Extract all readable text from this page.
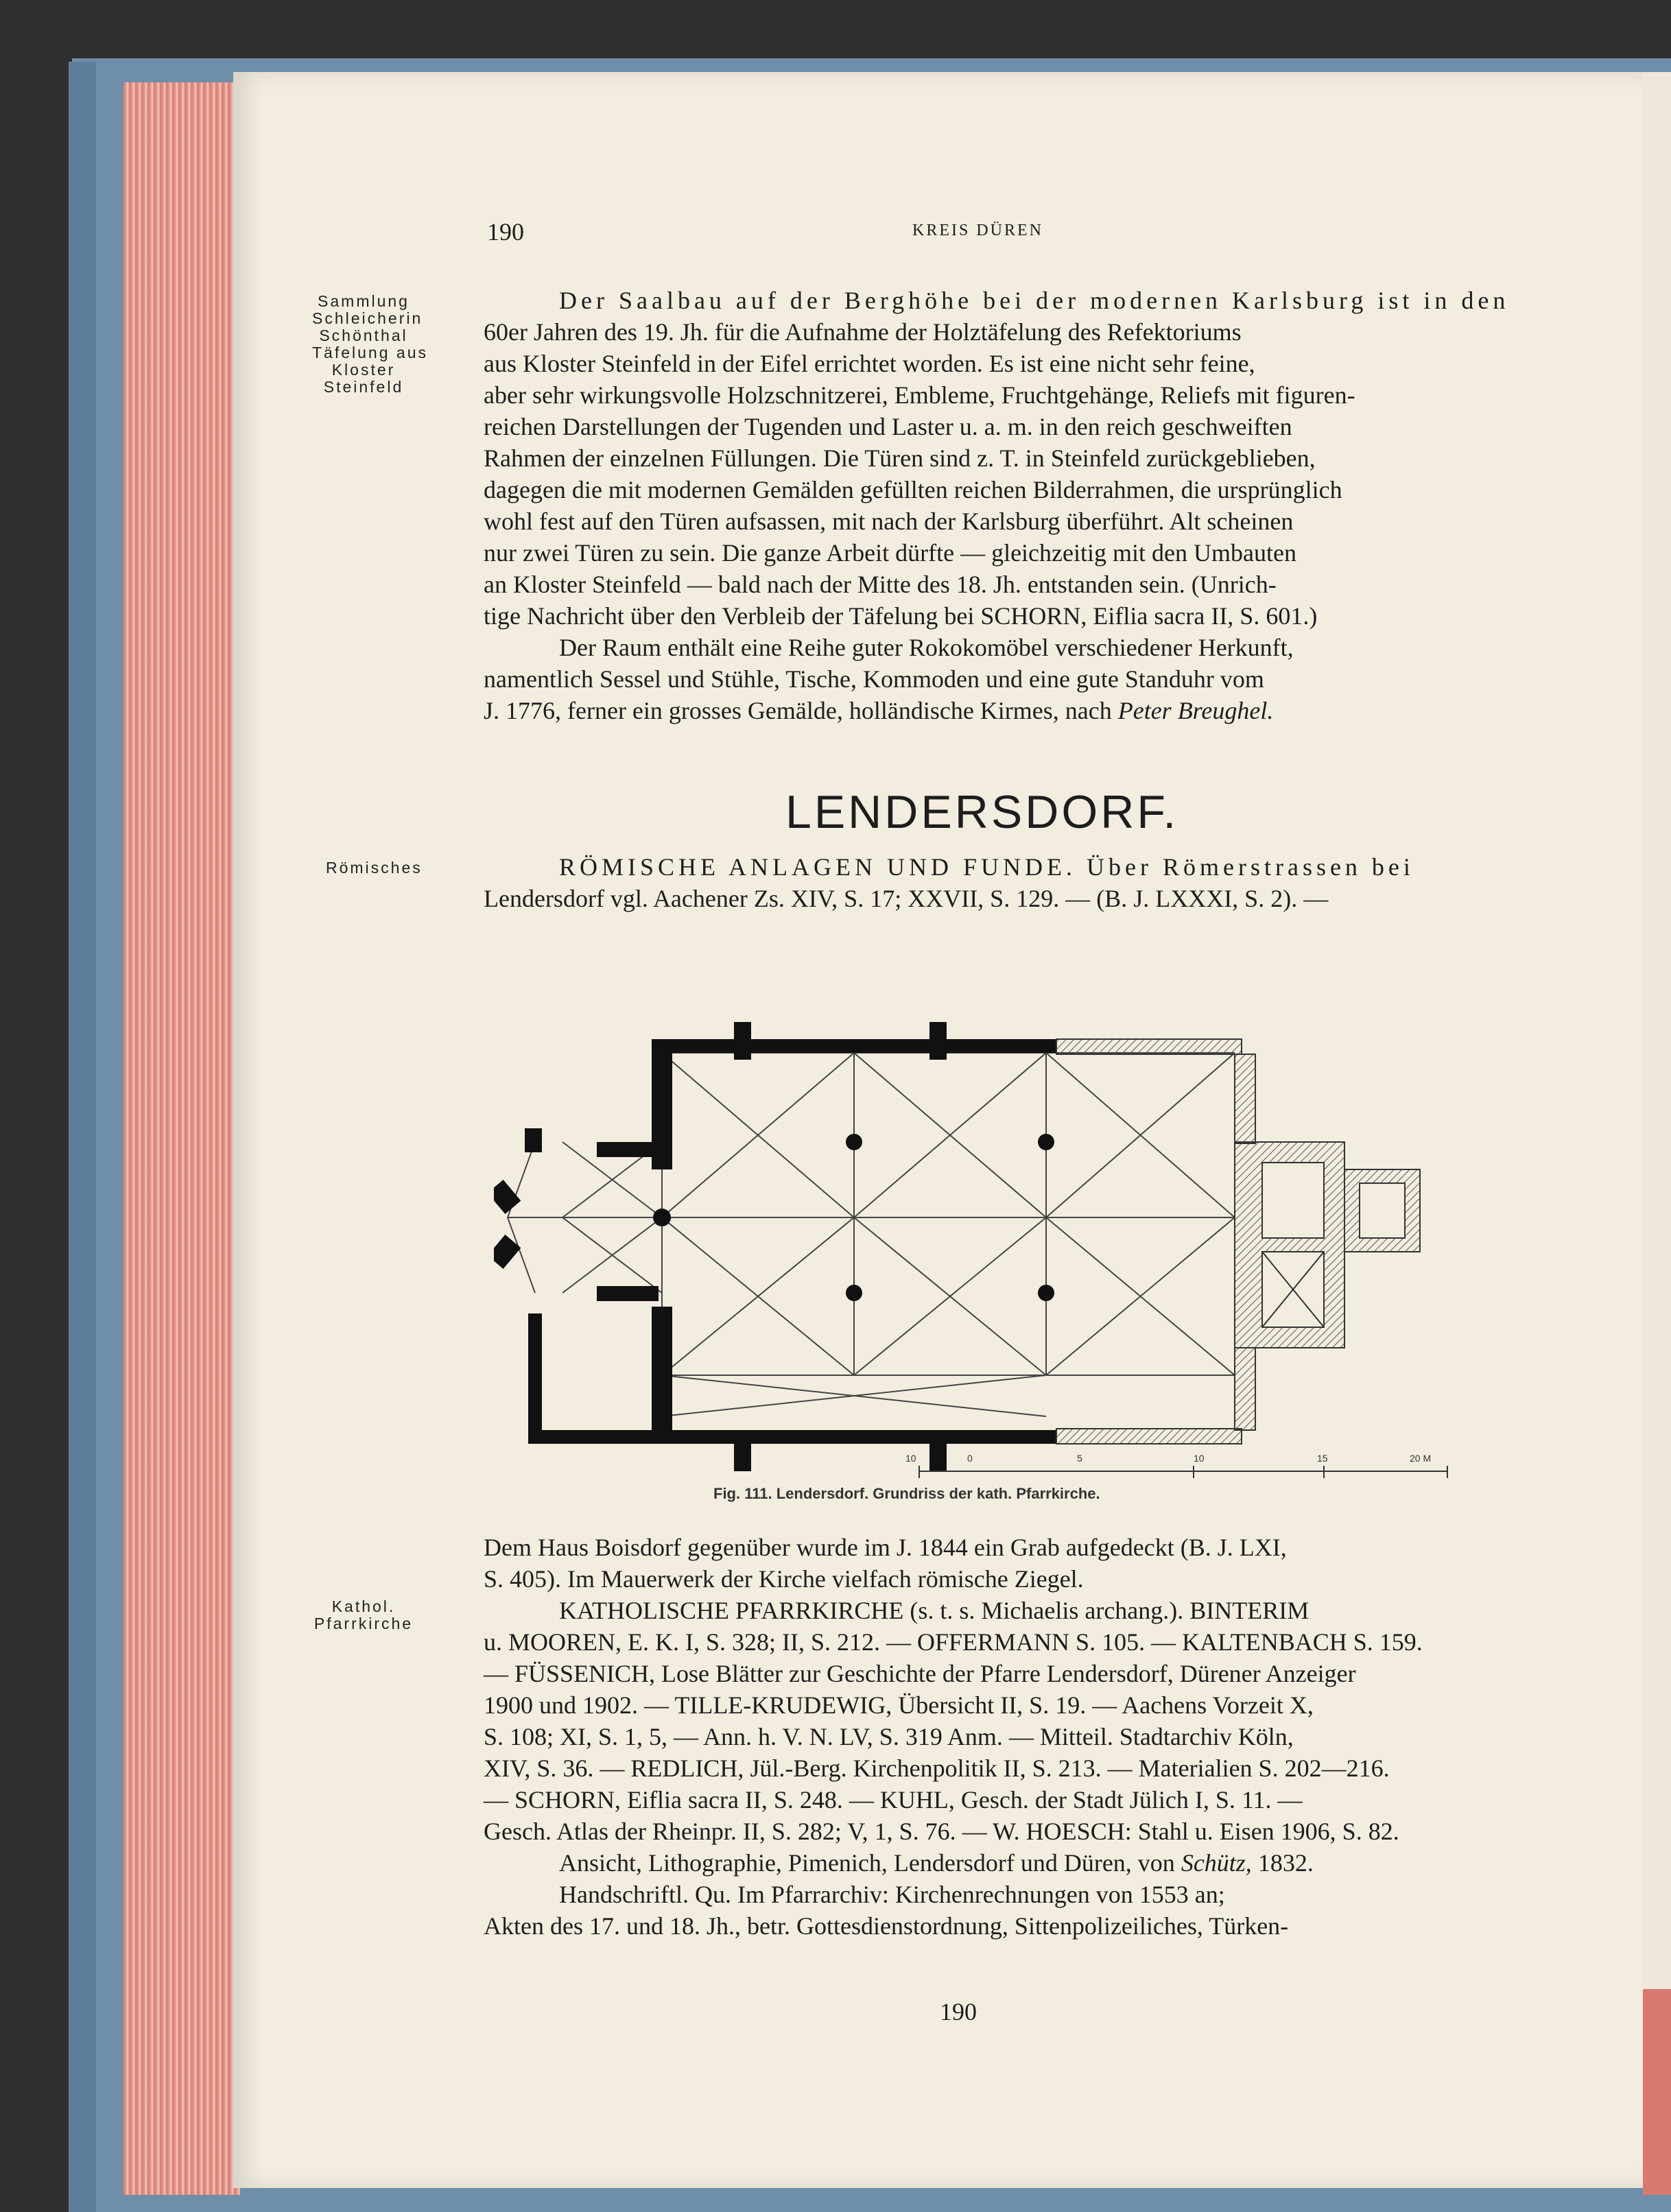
190	KREIS DÜREN
Sammlung
Schleicherin
Schönthal
Täfelung aus
Kloster
Steinfeld
Der Saalbau auf der Berghöhe bei der modernen Karlsburg ist in den
60er Jahren des 19. Jh. für die Aufnahme der Holztäfelung des Refektoriums
aus Kloster Steinfeld in der Eifel errichtet worden. Es ist eine nicht sehr feine,
aber sehr wirkungsvolle Holzschnitzerei, Embleme, Fruchtgehänge, Reliefs mit figuren-
reichen Darstellungen der Tugenden und Laster u. a. m. in den reich geschweiften
Rahmen der einzelnen Füllungen. Die Türen sind z. T. in Steinfeld zurückgeblieben,
dagegen die mit modernen Gemälden gefüllten reichen Bilderrahmen, die ursprünglich
wohl fest auf den Türen aufsassen, mit nach der Karlsburg überführt. Alt scheinen
nur zwei Türen zu sein. Die ganze Arbeit dürfte — gleichzeitig mit den Umbauten
an Kloster Steinfeld — bald nach der Mitte des 18. Jh. entstanden sein. (Unrich-
tige Nachricht über den Verbleib der Täfelung bei SCHORN, Eiflia sacra II, S. 601.)
Der Raum enthält eine Reihe guter Rokokomöbel verschiedener Herkunft,
namentlich Sessel und Stühle, Tische, Kommoden und eine gute Standuhr vom
J. 1776, ferner ein grosses Gemälde, holländische Kirmes, nach Peter Breughel.
LENDERSDORF.
Römisches	RÖMISCHE ANLAGEN UND FUNDE. Über Römerstrassen bei
Lendersdorf vgl. Aachener Zs. XIV, S. 17; XXVII, S. 129. — (B. J. LXXXI, S. 2). —
10	0	5	10	15	20 M
Fig. 111. Lendersdorf. Grundriss der kath. Pfarrkirche.
Dem Haus Boisdorf gegenüber wurde im J. 1844 ein Grab aufgedeckt (B. J. LXI,
S. 405). Im Mauerwerk der Kirche vielfach römische Ziegel.
KATHOLISCHE PFARRKIRCHE (s. t. s. Michaelis archang.). BINTERIM
u. MOOREN, E. K. I, S. 328; II, S. 212. — OFFERMANN S. 105. — KALTENBACH S. 159.
— FÜSSENICH, Lose Blätter zur Geschichte der Pfarre Lendersdorf, Dürener Anzeiger
1900 und 1902. — TILLE-KRUDEWIG, Übersicht II, S. 19. — Aachens Vorzeit X,
S. 108; XI, S. 1, 5, — Ann. h. V. N. LV, S. 319 Anm. — Mitteil. Stadtarchiv Köln,
XIV, S. 36. — REDLICH, Jül.-Berg. Kirchenpolitik II, S. 213. — Materialien S. 202—216.
— SCHORN, Eiflia sacra II, S. 248. — KUHL, Gesch. der Stadt Jülich I, S. 11. —
Gesch. Atlas der Rheinpr. II, S. 282; V, 1, S. 76. — W. HOESCH: Stahl u. Eisen 1906, S. 82.
Ansicht, Lithographie, Pimenich, Lendersdorf und Düren, von Schütz, 1832.
Handschriftl. Qu. Im Pfarrarchiv: Kirchenrechnungen von 1553 an;
Akten des 17. und 18. Jh., betr. Gottesdienstordnung, Sittenpolizeiliches, Türken-
Kathol.
Pfarrkirche
190
